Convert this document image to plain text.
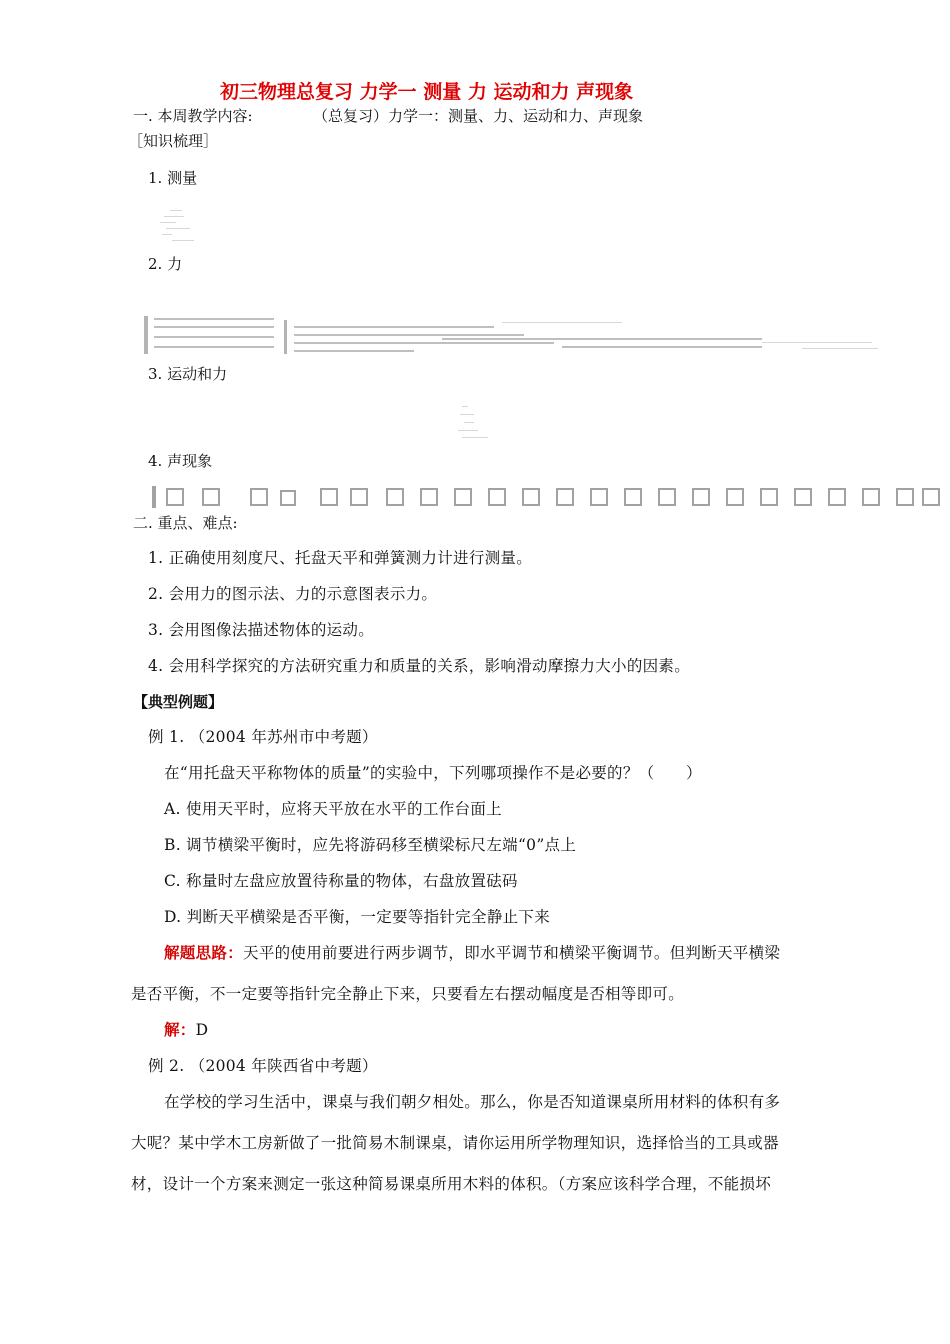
初三物理总复习 力学一 测量 力 运动和力 声现象
一. 本周教学内容:	（总复习）力学一：测量、力、运动和力、声现象
［知识梳理］
1. 测量
2. 力
3. 运动和力
4. 声现象
二. 重点、难点:
1. 正确使用刻度尺、托盘天平和弹簧测力计进行测量。
2. 会用力的图示法、力的示意图表示力。
3. 会用图像法描述物体的运动。
4. 会用科学探究的方法研究重力和质量的关系，影响滑动摩擦力大小的因素。
【典型例题】
例 1. （2004 年苏州市中考题）
在“用托盘天平称物体的质量”的实验中，下列哪项操作不是必要的？（　　）
A. 使用天平时，应将天平放在水平的工作台面上
B. 调节横梁平衡时，应先将游码移至横梁标尺左端“0”点上
C. 称量时左盘应放置待称量的物体，右盘放置砝码
D. 判断天平横梁是否平衡，一定要等指针完全静止下来
解题思路：天平的使用前要进行两步调节，即水平调节和横梁平衡调节。但判断天平横梁
是否平衡，不一定要等指针完全静止下来，只要看左右摆动幅度是否相等即可。
解：D
例 2. （2004 年陕西省中考题）
在学校的学习生活中，课桌与我们朝夕相处。那么，你是否知道课桌所用材料的体积有多
大呢？某中学木工房新做了一批简易木制课桌，请你运用所学物理知识，选择恰当的工具或器
材，设计一个方案来测定一张这种简易课桌所用木料的体积。（方案应该科学合理，不能损坏
